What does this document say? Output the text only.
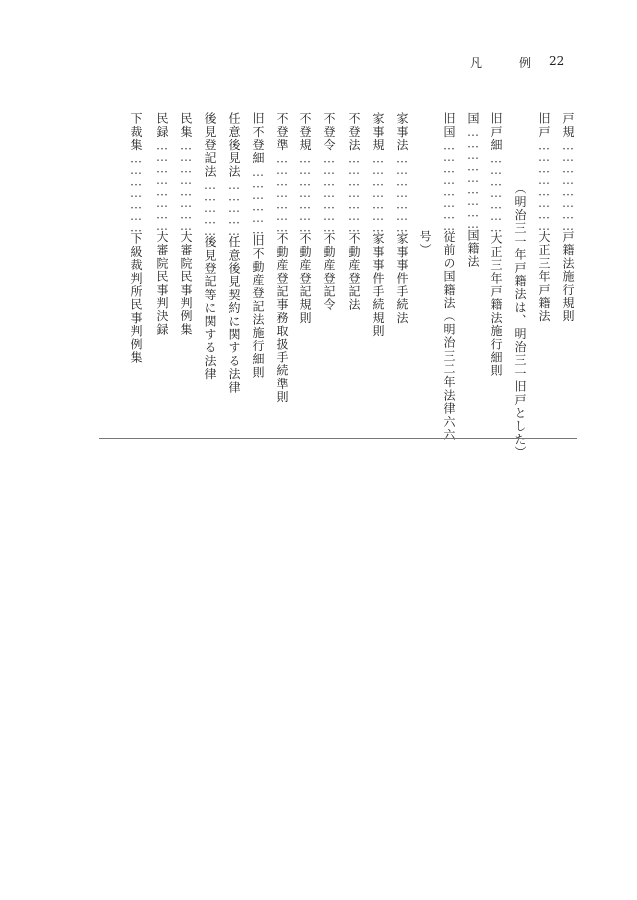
凡	例 22
戸規……………………戸籍法施行規則
旧戸……………………大正三年戸籍法
（明治三一年戸籍法は、明治三一旧戸とした）
旧戸細…………………大正三年戸籍法施行細則
国………………………国籍法
旧国……………………従前の国籍法（明治三二年法律六六
号）
家事法…………………家事事件手続法
家事規…………………家事事件手続規則
不登法…………………不動産登記法
不登令…………………不動産登記令
不登規…………………不動産登記規則
不登準…………………不動産登記事務取扱手続準則
旧不登細………………旧不動産登記法施行細則
任意後見法……………任意後見契約に関する法律
後見登記法……………後見登記等に関する法律
民集……………………大審院民事判例集
民録……………………大審院民事判決録
下裁集…………………下級裁判所民事判例集
